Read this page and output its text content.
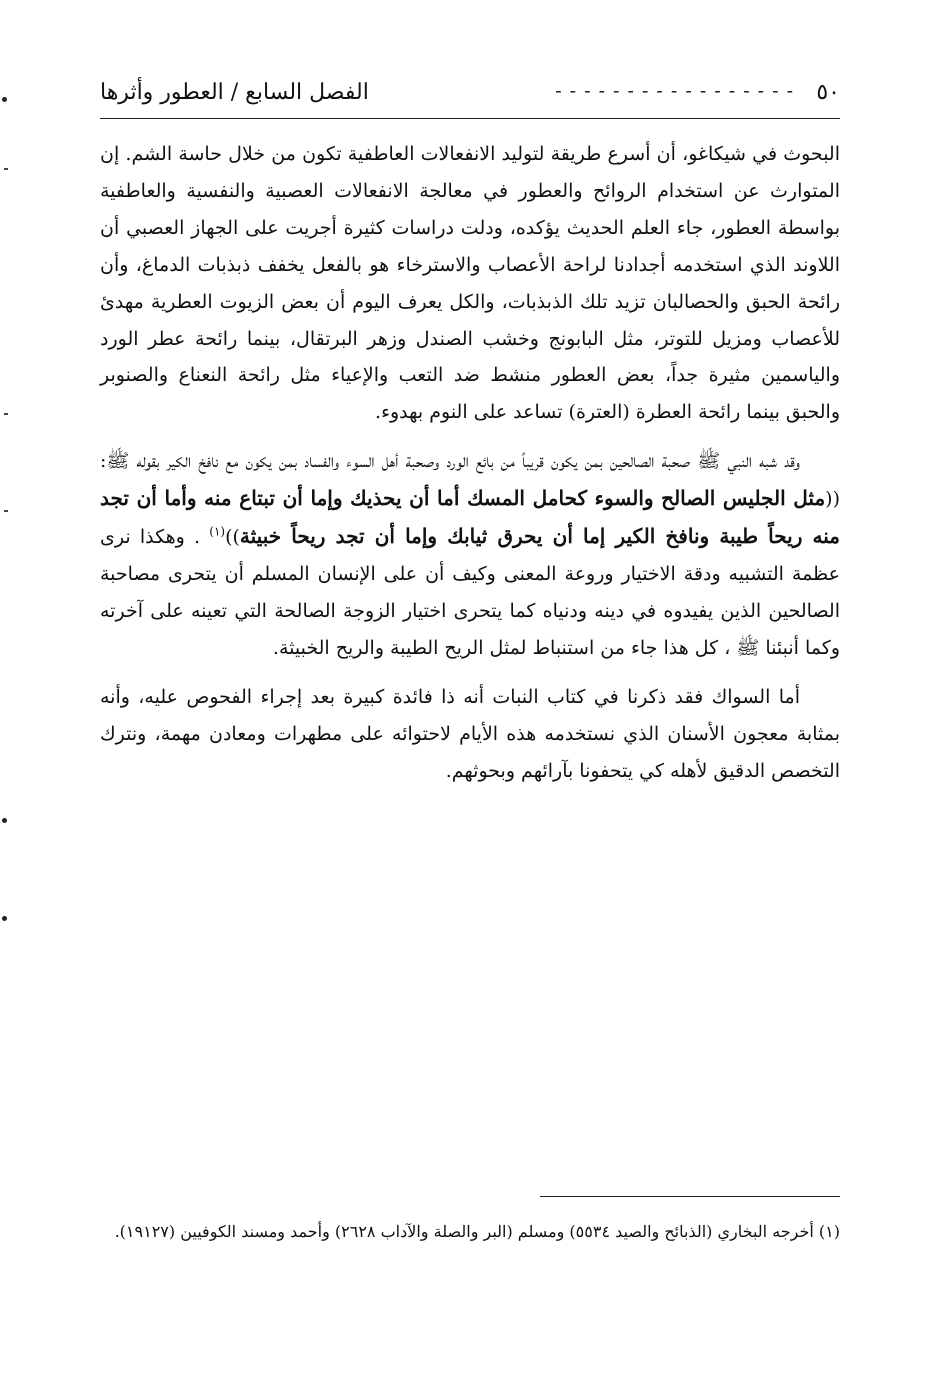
٥٠
- - - - - - - - - - - - - - - - -
الفصل السابع / العطور وأثرها

البحوث في شيكاغو، أن أسرع طريقة لتوليد الانفعالات العاطفية تكون من خلال حاسة الشم. إن المتوارث عن استخدام الروائح والعطور في معالجة الانفعالات العصبية والنفسية والعاطفية بواسطة العطور، جاء العلم الحديث يؤكده، ودلت دراسات كثيرة أجريت على الجهاز العصبي أن اللاوند الذي استخدمه أجدادنا لراحة الأعصاب والاسترخاء هو بالفعل يخفف ذبذبات الدماغ، وأن رائحة الحبق والحصالبان تزيد تلك الذبذبات، والكل يعرف اليوم أن بعض الزيوت العطرية مهدئ للأعصاب ومزيل للتوتر، مثل البابونج وخشب الصندل وزهر البرتقال، بينما رائحة عطر الورد والياسمين مثيرة جداً، بعض العطور منشط ضد التعب والإعياء مثل رائحة النعناع والصنوبر والحبق بينما رائحة العطرة (العترة) تساعد على النوم بهدوء.

وقد شبه النبي ﷺ صحبة الصالحين بمن يكون قريباً من بائع الورد وصحبة أهل السوء والفساد بمن يكون مع نافخ الكير بقوله ﷺ: ((مثل الجليس الصالح والسوء كحامل المسك أما أن يحذيك وإما أن تبتاع منه وأما أن تجد منه ريحاً طيبة ونافخ الكير إما أن يحرق ثيابك وإما أن تجد ريحاً خبيثة))$^{(١)}$ . وهكذا نرى عظمة التشبيه ودقة الاختيار وروعة المعنى وكيف أن على الإنسان المسلم أن يتحرى مصاحبة الصالحين الذين يفيدوه في دينه ودنياه كما يتحرى اختيار الزوجة الصالحة التي تعينه على آخرته وكما أنبئنا ﷺ ، كل هذا جاء من استنباط لمثل الريح الطيبة والريح الخبيثة.

أما السواك فقد ذكرنا في كتاب النبات أنه ذا فائدة كبيرة بعد إجراء الفحوص عليه، وأنه بمثابة معجون الأسنان الذي نستخدمه هذه الأيام لاحتوائه على مطهرات ومعادن مهمة، ونترك التخصص الدقيق لأهله كي يتحفونا بآرائهم وبحوثهم.

(١) أخرجه البخاري (الذبائح والصيد ٥٥٣٤) ومسلم (البر والصلة والآداب ٢٦٢٨) وأحمد ومسند الكوفيين (١٩١٢٧).
